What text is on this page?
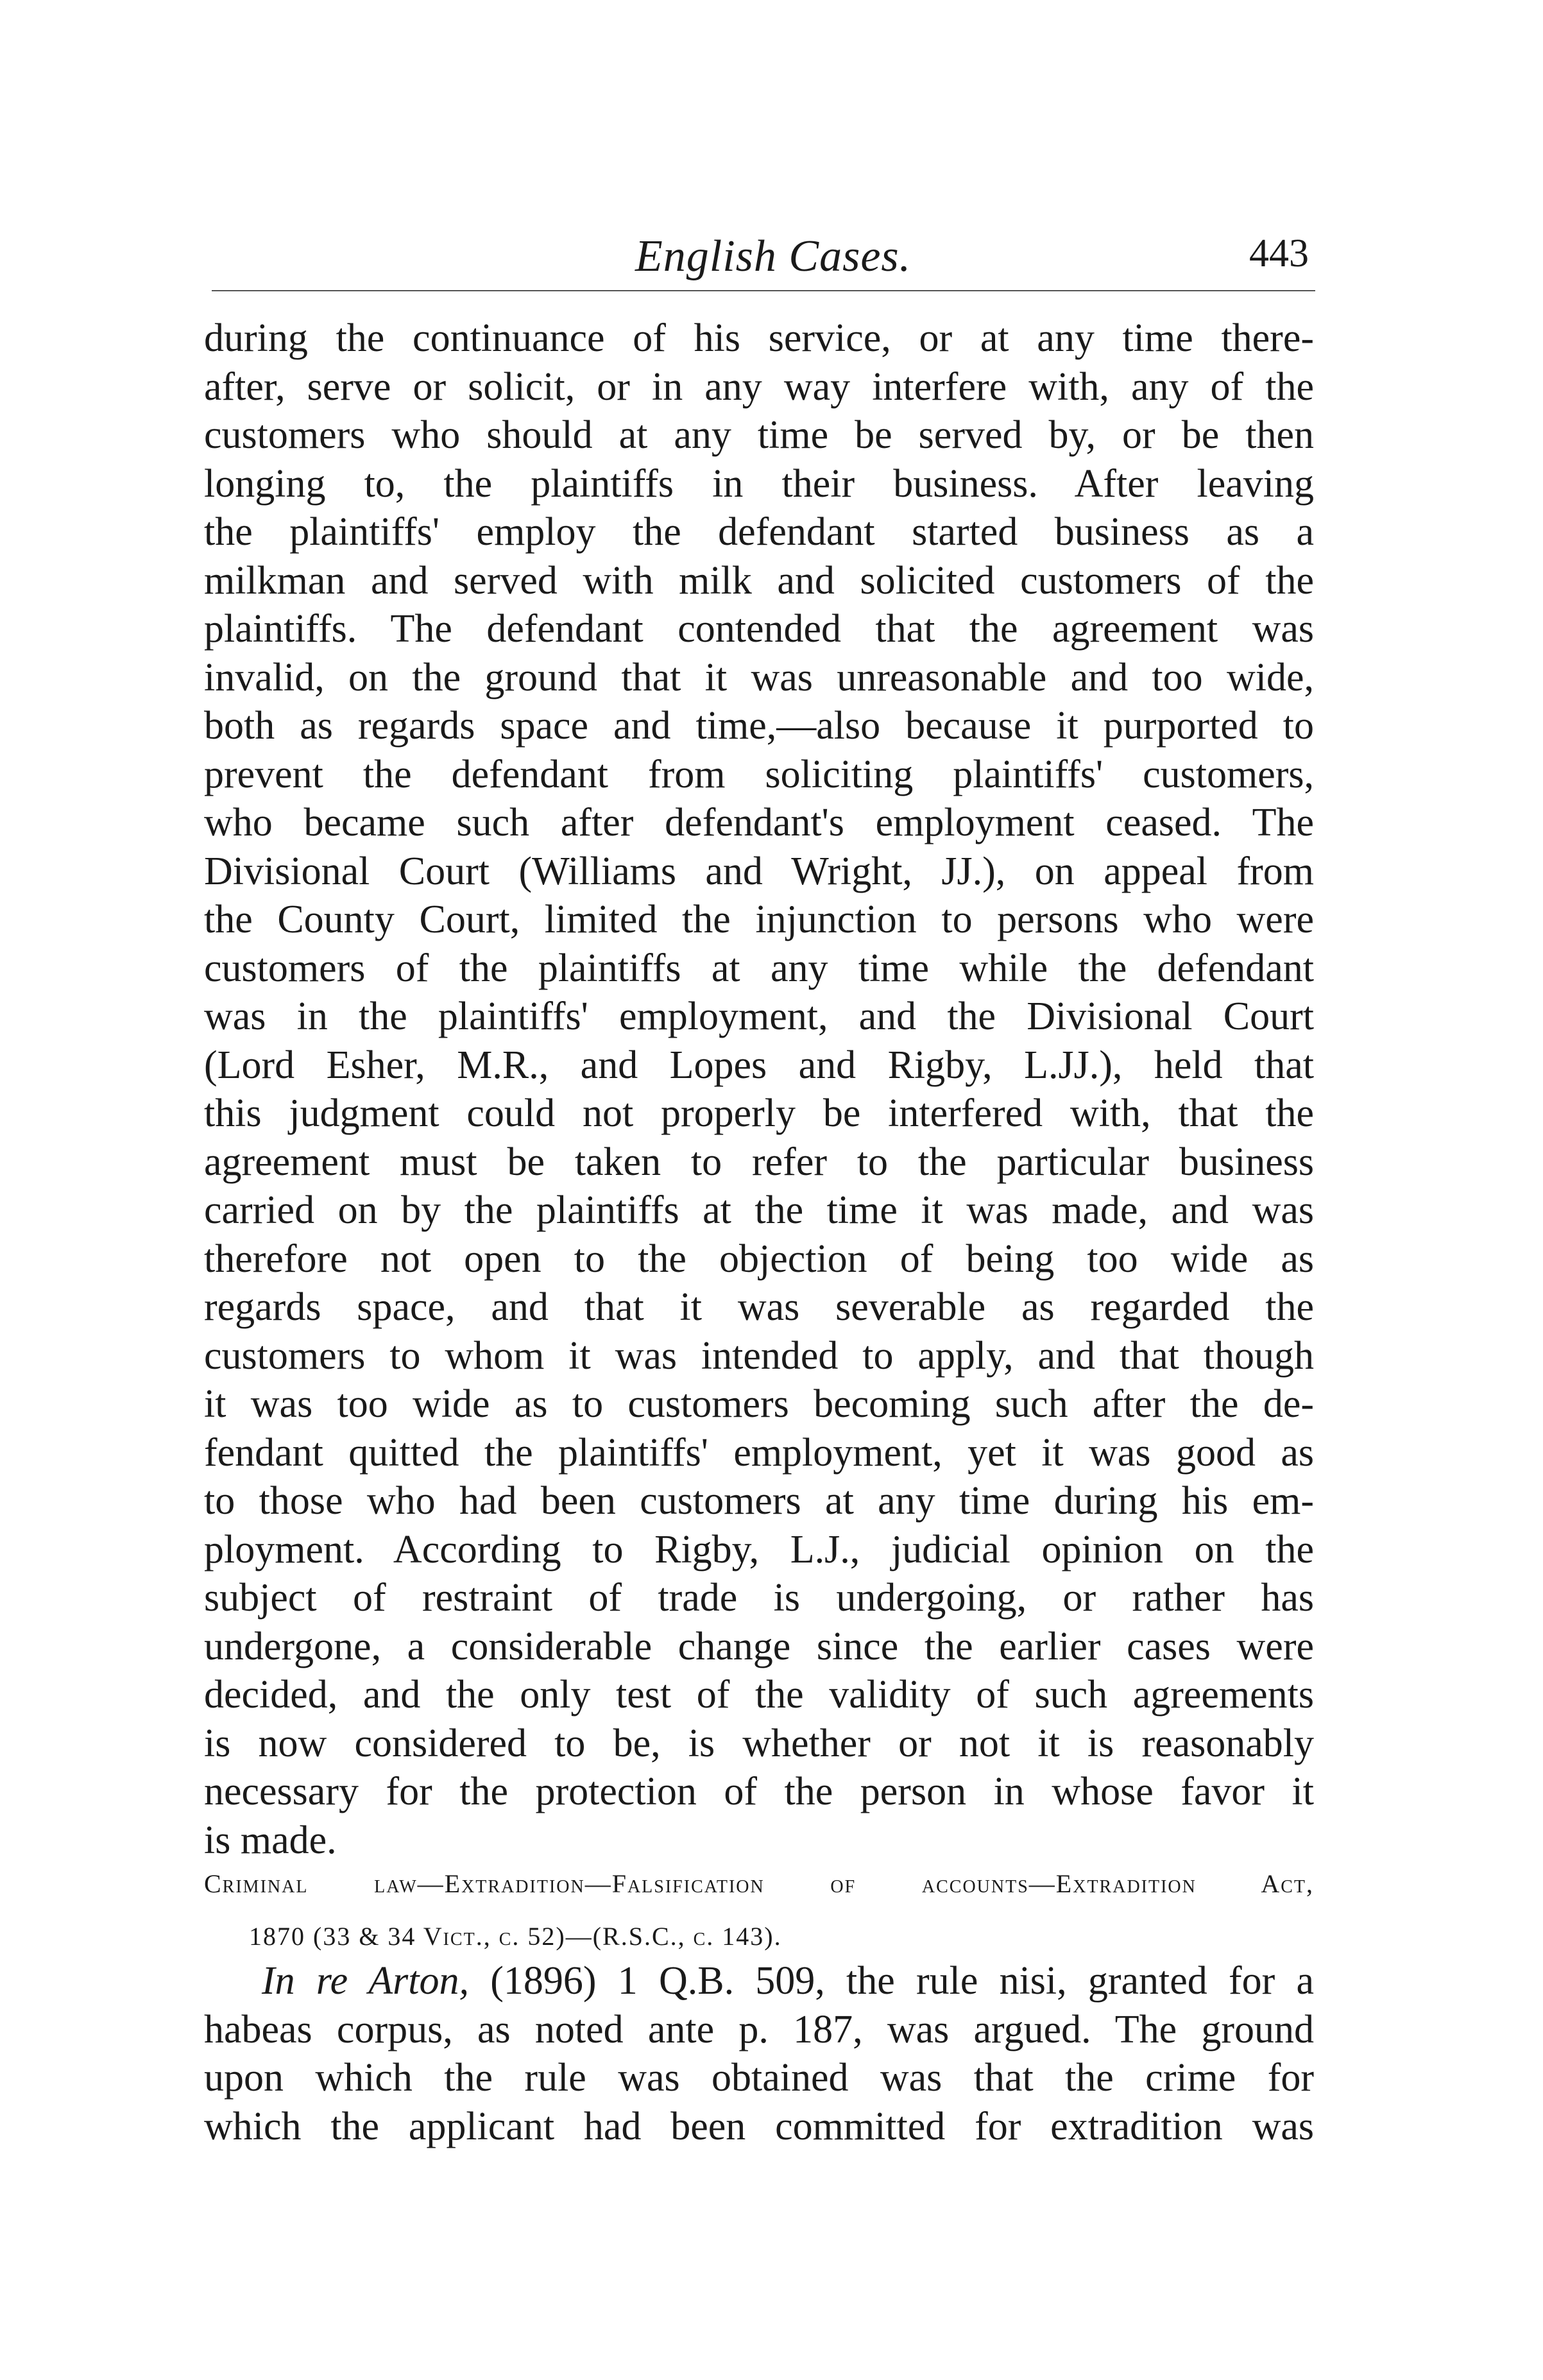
English Cases.	443
during the continuance of his service, or at any time there-
after, serve or solicit, or in any way interfere with, any of the
customers who should at any time be served by, or be then
longing to, the plaintiffs in their business. After leaving
the plaintiffs' employ the defendant started business as a
milkman and served with milk and solicited customers of the
plaintiffs. The defendant contended that the agreement was
invalid, on the ground that it was unreasonable and too wide,
both as regards space and time,—also because it purported to
prevent the defendant from soliciting plaintiffs' customers,
who became such after defendant's employment ceased. The
Divisional Court (Williams and Wright, JJ.), on appeal from
the County Court, limited the injunction to persons who were
customers of the plaintiffs at any time while the defendant
was in the plaintiffs' employment, and the Divisional Court
(Lord Esher, M.R., and Lopes and Rigby, L.JJ.), held that
this judgment could not properly be interfered with, that the
agreement must be taken to refer to the particular business
carried on by the plaintiffs at the time it was made, and was
therefore not open to the objection of being too wide as
regards space, and that it was severable as regarded the
customers to whom it was intended to apply, and that though
it was too wide as to customers becoming such after the de-
fendant quitted the plaintiffs' employment, yet it was good as
to those who had been customers at any time during his em-
ployment. According to Rigby, L.J., judicial opinion on the
subject of restraint of trade is undergoing, or rather has
undergone, a considerable change since the earlier cases were
decided, and the only test of the validity of such agreements
is now considered to be, is whether or not it is reasonably
necessary for the protection of the person in whose favor it
is made.
Criminal law—Extradition—Falsification of accounts—Extradition Act,
1870 (33 & 34 Vict., c. 52)—(R.S.C., c. 143).
In re Arton, (1896) 1 Q.B. 509, the rule nisi, granted for a
habeas corpus, as noted ante p. 187, was argued. The ground
upon which the rule was obtained was that the crime for
which the applicant had been committed for extradition was
